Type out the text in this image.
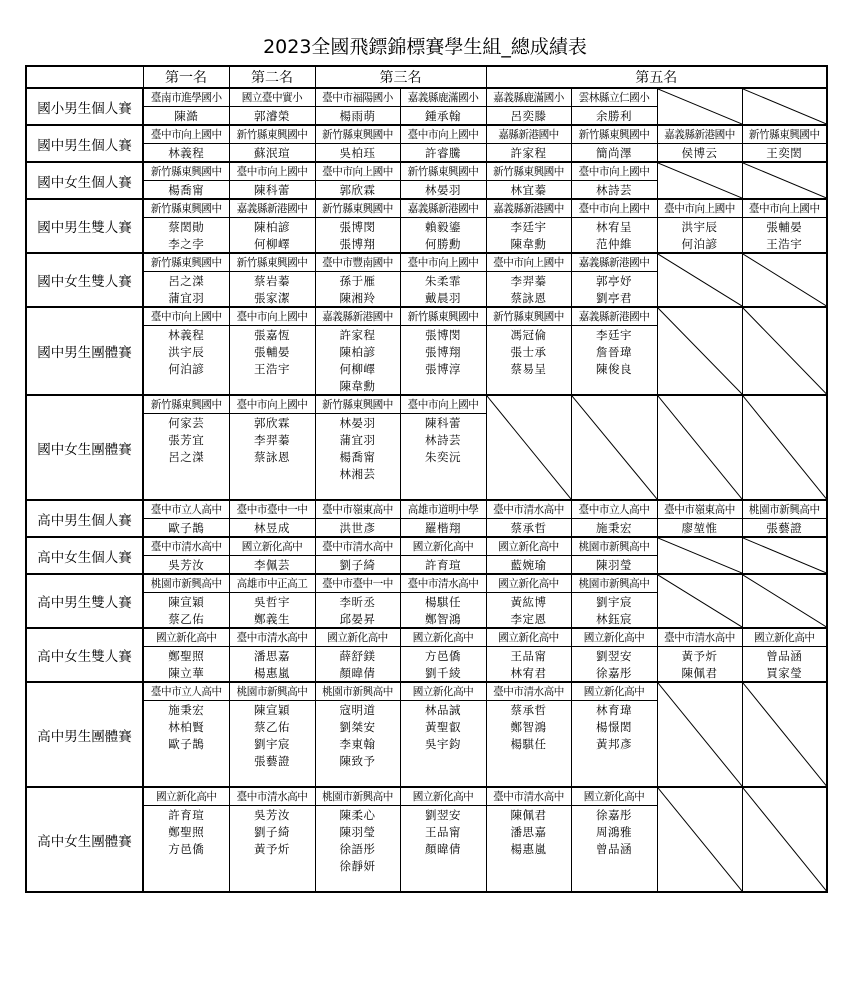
2023全國飛鏢錦標賽學生組_總成績表
	第一名	第二名	第三名		第五名			
國小男生個人賽	臺南市進學國小	國立臺中實小	臺中市福陽國小	嘉義縣鹿滿國小	嘉義縣鹿滿國小	雲林縣立仁國小	

	陳澔	郭濬榮	楊雨萌	鍾承翰	呂奕滕	余勝利		
國中男生個人賽	臺中市向上國中	新竹縣東興國中	新竹縣東興國中	臺中市向上國中	嘉縣新港國中	新竹縣東興國中	嘉義縣新港國中	新竹縣東興國中
	林義程	蘇泯瑄	吳柏珏	許睿騰	許家程	簡尚澤	侯博云	王奕閎
國中女生個人賽	新竹縣東興國中	臺中市向上國中	臺中市向上國中	新竹縣東興國中	新竹縣東興國中	臺中市向上國中	

	楊喬甯	陳科蕾	郭欣霖	林晏羽	林宜蓁	林詩芸		
國中男生雙人賽	新竹縣東興國中	嘉義縣新港國中	新竹縣東興國中	嘉義縣新港國中	嘉義縣新港國中	臺中市向上國中	臺中市向上國中	臺中市向上國中
	蔡閎勛	陳柏諺	張博閔	賴毅鎏	李廷宇	林宥呈	洪宇辰	張輔晏
	李之孛	何柳嶧	張博翔	何勝勳	陳韋勳	范仲維	何泊諺	王浩宇
國中女生雙人賽	新竹縣東興國中	新竹縣東興國中	臺中市豐南國中	臺中市向上國中	臺中市向上國中	嘉義縣新港國中	

	呂之滐	蔡岩蓁	孫于雁	朱柔霏	李羿蓁	郭亭妤		
	蒲宜羽	張家潔	陳湘羚	戴晨羽	蔡詠恩	劉亭君		
國中男生團體賽	臺中市向上國中	臺中市向上國中	嘉義縣新港國中	新竹縣東興國中	新竹縣東興國中	嘉義縣新港國中	

	林義程	張嘉恆	許家程	張博閔	馮冠倫	李廷宇		
	洪宇辰	張輔晏	陳柏諺	張博翔	張士承	詹晉瑋		
	何泊諺	王浩宇	何柳嶧	張博淳	蔡易呈	陳俊良		
			陳韋勳					
國中女生團體賽	新竹縣東興國中	臺中市向上國中	新竹縣東興國中	臺中市向上國中	

	何家芸	郭欣霖	林晏羽	陳科蕾				
	張芳宜	李羿蓁	蒲宜羽	林詩芸				
	呂之滐	蔡詠恩	楊喬甯	朱奕沅				
			林湘芸					

高中男生個人賽	臺中市立人高中	臺中市臺中一中	臺中市嶺東高中	高雄市道明中學	臺中市清水高中	臺中市立人高中	臺中市嶺東高中	桃園市新興高中
	歐子鵲	林昱成	洪世彥	羅楷翔	蔡承哲	施秉宏	廖堃惟	張藝證
高中女生個人賽	臺中市清水高中	國立新化高中	臺中市清水高中	國立新化高中	國立新化高中	桃園市新興高中	

	吳芳汝	李佩芸	劉子綺	許育瑄	藍婉瑜	陳羽瑩		
高中男生雙人賽	桃園市新興高中	高雄市中正高工	臺中市臺中一中	臺中市清水高中	國立新化高中	桃園市新興高中	

	陳宣穎	吳哲宇	李昕丞	楊騏任	黃紘博	劉宇宸		
	蔡乙佑	鄭義生	邱晏昇	鄭智鴻	李定恩	林鈺宸		
高中女生雙人賽	國立新化高中	臺中市清水高中	國立新化高中	國立新化高中	國立新化高中	國立新化高中	臺中市清水高中	國立新化高中
	鄭聖照	潘思嘉	薛舒鎂	方邑僑	王品甯	劉翌安	黃予炘	曾品涵
	陳立華	楊惠嵐	顏暐倩	劉千綾	林宥君	徐嘉彤	陳佩君	買家瑩
高中男生團體賽	臺中市立人高中	桃園市新興高中	桃園市新興高中	國立新化高中	臺中市清水高中	國立新化高中	

	施秉宏	陳宣穎	寇明道	林品誠	蔡承哲	林育瑋		
	林柏賢	蔡乙佑	劉桀安	黃聖叡	鄭智鴻	楊憬閎		
	歐子鵲	劉宇宸	李東翰	吳宇鈞	楊騏任	黃邦彥		
		張藝證	陳致予					

高中女生團體賽	國立新化高中	臺中市清水高中	桃園市新興高中	國立新化高中	臺中市清水高中	國立新化高中	

	許育瑄	吳芳汝	陳柔心	劉翌安	陳佩君	徐嘉彤		
	鄭聖照	劉子綺	陳羽瑩	王品甯	潘思嘉	周鴻雅		
	方邑僑	黃予炘	徐語彤	顏暐倩	楊惠嵐	曾品涵		
			徐靜妍					
